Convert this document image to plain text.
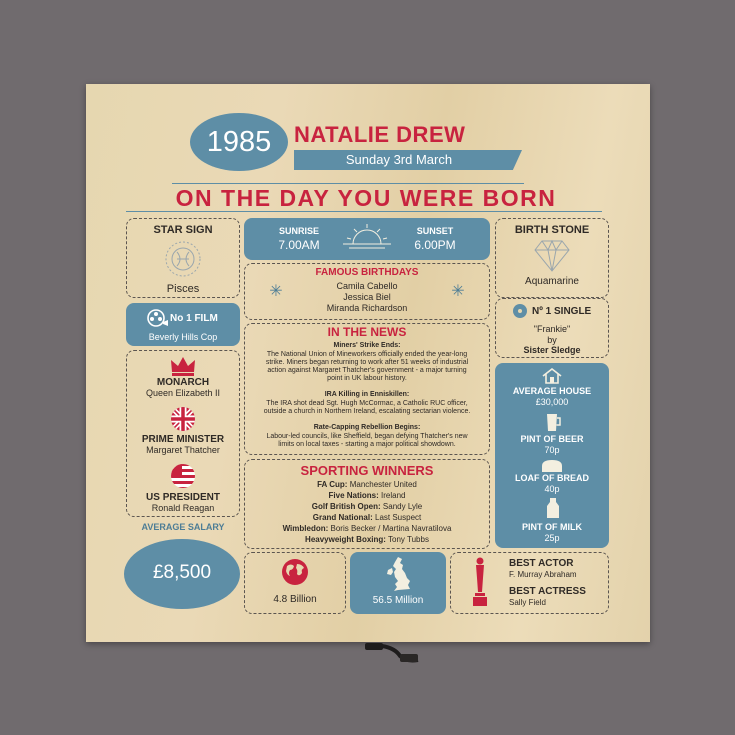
1985	NATALIE DREW
Sunday 3rd March
ON THE DAY YOU WERE BORN
STAR SIGN
Pisces
SUNRISE
7.00AM
SUNSET
6.00PM
BIRTH STONE
Aquamarine
FAMOUS BIRTHDAYS
Camila Cabello
Jessica Biel
Miranda Richardson
✳	✳
No 1 FILM
Beverly Hills Cop
Nº 1 SINGLE
"Frankie"
by
Sister Sledge
IN THE NEWS
Miners' Strike Ends:
The National Union of Mineworkers officially ended the year-long
strike. Miners began returning to work after 51 weeks of industrial
action against Margaret Thatcher's government - a major turning
point in UK labour history.
IRA Killing in Enniskillen:
The IRA shot dead Sgt. Hugh McCormac, a Catholic RUC officer,
outside a church in Northern Ireland, escalating sectarian violence.
Rate-Capping Rebellion Begins:
Labour-led councils, like Sheffield, began defying Thatcher's new
limits on local taxes - starting a major political showdown.
MONARCH
Queen Elizabeth II
PRIME MINISTER
Margaret Thatcher
US PRESIDENT
Ronald Reagan
AVERAGE HOUSE
£30,000
PINT OF BEER
70p
LOAF OF BREAD
40p
PINT OF MILK
25p
SPORTING WINNERS
FA Cup: Manchester United
Five Nations: Ireland
Golf British Open: Sandy Lyle
Grand National: Last Suspect
Wimbledon: Boris Becker / Martina Navratilova
Heavyweight Boxing: Tony Tubbs
AVERAGE SALARY
£8,500
4.8 Billion	56.5 Million
BEST ACTOR
F. Murray Abraham
BEST ACTRESS
Sally Field
